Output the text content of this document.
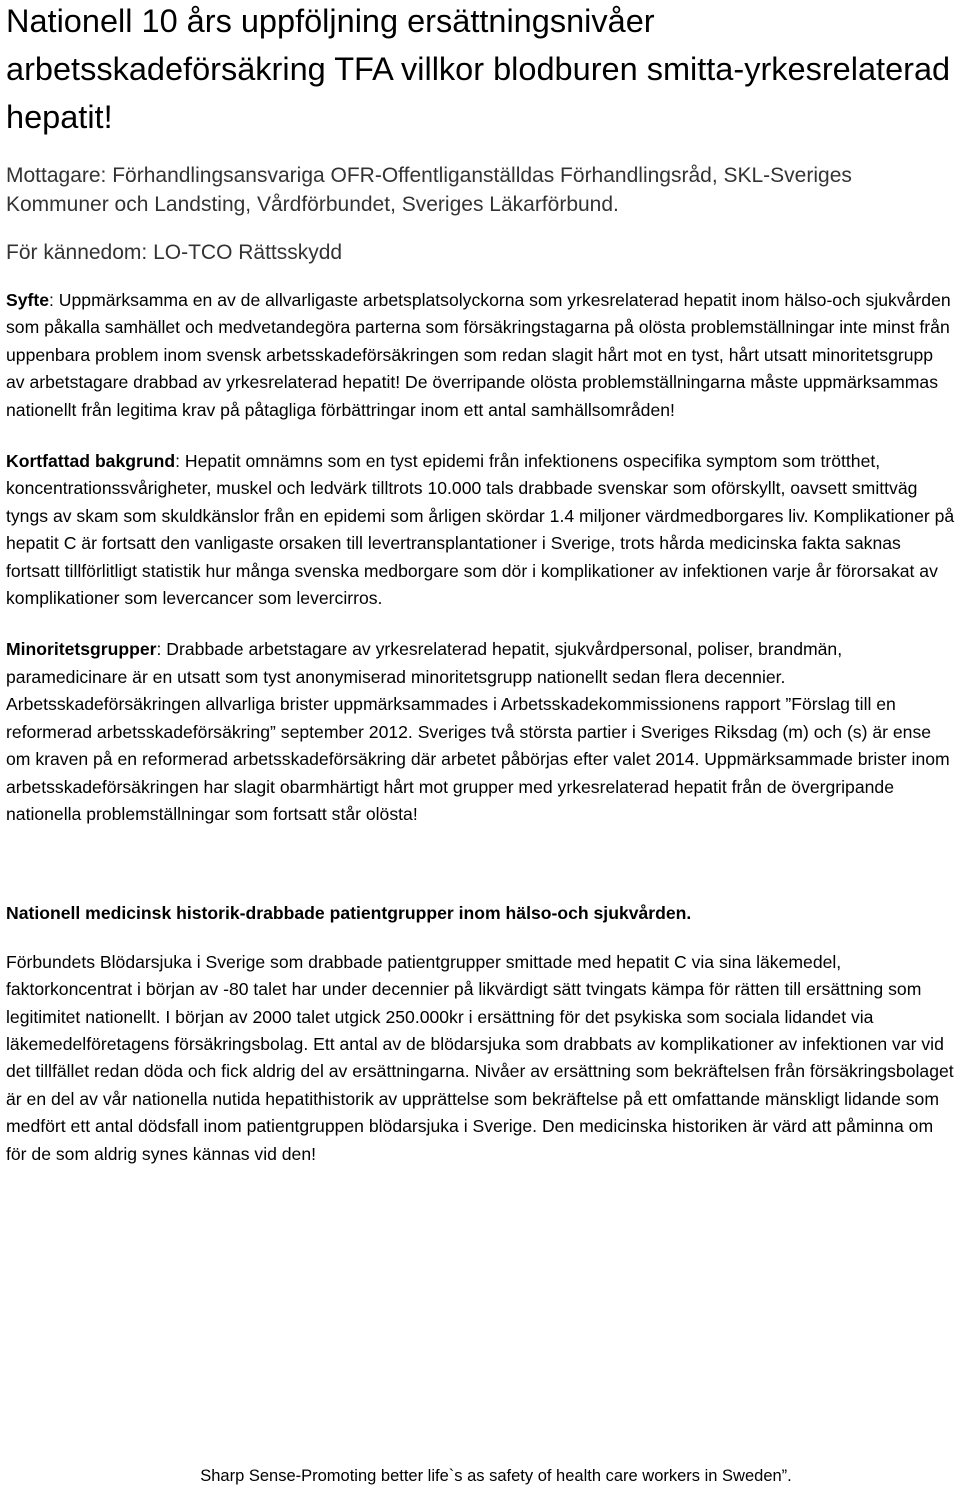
Nationell 10 års uppföljning ersättningsnivåer arbetsskadeförsäkring TFA villkor blodburen smitta-yrkesrelaterad hepatit!

Mottagare: Förhandlingsansvariga OFR-Offentliganställdas Förhandlingsråd, SKL-Sveriges Kommuner och Landsting, Vårdförbundet, Sveriges Läkarförbund.

För kännedom: LO-TCO Rättsskydd

Syfte: Uppmärksamma en av de allvarligaste arbetsplatsolyckorna som yrkesrelaterad hepatit inom hälso-och sjukvården som påkalla samhället och medvetandegöra parterna som försäkringstagarna på olösta problemställningar inte minst från uppenbara problem inom svensk arbetsskadeförsäkringen som redan slagit hårt mot en tyst, hårt utsatt minoritetsgrupp av arbetstagare drabbad av yrkesrelaterad hepatit! De överripande olösta problemställningarna måste uppmärksammas nationellt från legitima krav på påtagliga förbättringar inom ett antal samhällsområden!

Kortfattad bakgrund: Hepatit omnämns som en tyst epidemi från infektionens ospecifika symptom som trötthet, koncentrationssvårigheter, muskel och ledvärk tilltrots 10.000 tals drabbade svenskar som oförskyllt, oavsett smittväg tyngs av skam som skuldkänslor från en epidemi som årligen skördar 1.4 miljoner värdmedborgares liv. Komplikationer på hepatit C är fortsatt den vanligaste orsaken till levertransplantationer i Sverige, trots hårda medicinska fakta saknas fortsatt tillförlitligt statistik hur många svenska medborgare som dör i komplikationer av infektionen varje år förorsakat av komplikationer som levercancer som levercirros.

Minoritetsgrupper: Drabbade arbetstagare av yrkesrelaterad hepatit, sjukvårdpersonal, poliser, brandmän, paramedicinare är en utsatt som tyst anonymiserad minoritetsgrupp nationellt sedan flera decennier. Arbetsskadeförsäkringen allvarliga brister uppmärksammades i Arbetsskadekommissionens rapport ”Förslag till en reformerad arbetsskadeförsäkring” september 2012. Sveriges två största partier i Sveriges Riksdag (m) och (s) är ense om kraven på en reformerad arbetsskadeförsäkring där arbetet påbörjas efter valet 2014. Uppmärksammade brister inom arbetsskadeförsäkringen har slagit obarmhärtigt hårt mot grupper med yrkesrelaterad hepatit från de övergripande nationella problemställningar som fortsatt står olösta!

Nationell medicinsk historik-drabbade patientgrupper inom hälso-och sjukvården.

Förbundets Blödarsjuka i Sverige som drabbade patientgrupper smittade med hepatit C via sina läkemedel, faktorkoncentrat i början av -80 talet har under decennier på likvärdigt sätt tvingats kämpa för rätten till ersättning som legitimitet nationellt. I början av 2000 talet utgick 250.000kr i ersättning för det psykiska som sociala lidandet via läkemedelföretagens försäkringsbolag. Ett antal av de blödarsjuka som drabbats av komplikationer av infektionen var vid det tillfället redan döda och fick aldrig del av ersättningarna. Nivåer av ersättning som bekräftelsen från försäkringsbolaget är en del av vår nationella nutida hepatithistorik av upprättelse som bekräftelse på ett omfattande mänskligt lidande som medfört ett antal dödsfall inom patientgruppen blödarsjuka i Sverige. Den medicinska historiken är värd att påminna om för de som aldrig synes kännas vid den!

Sharp Sense-Promoting better life`s as safety of health care workers in Sweden”.
